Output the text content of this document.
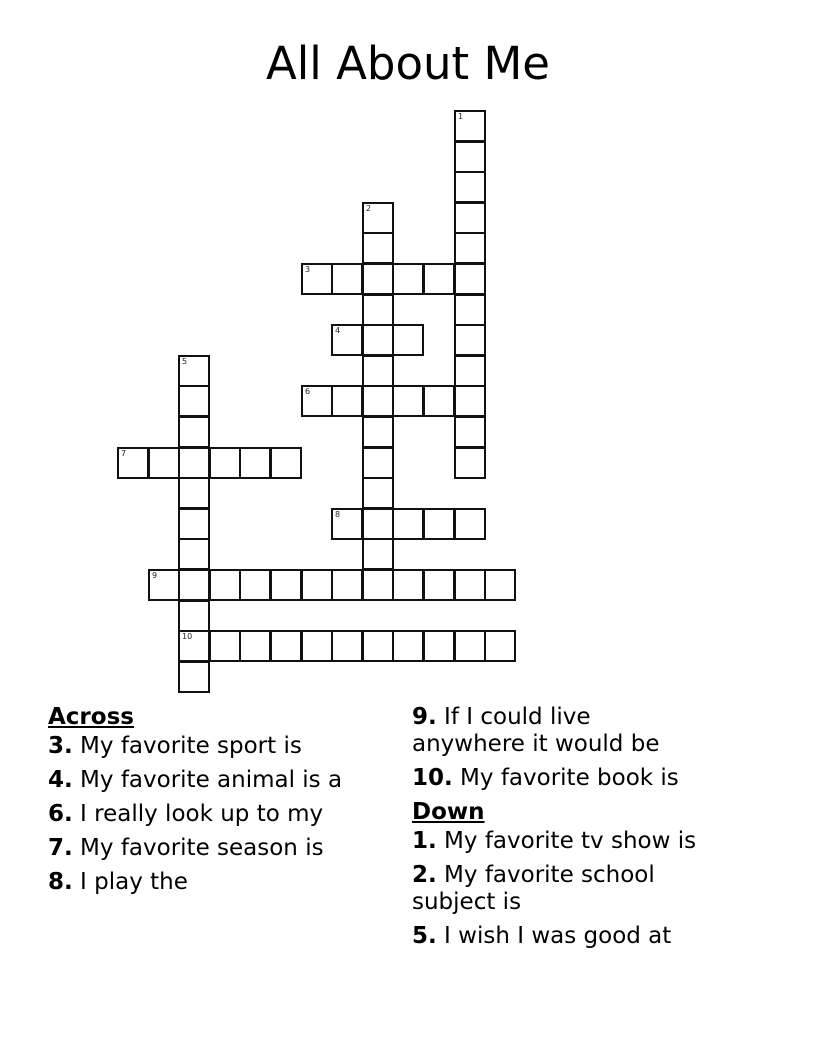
All About Me
1
2
3
4
5
10
6
7
8
9
Across
3. My favorite sport is
4. My favorite animal is a
6. I really look up to my
7. My favorite season is
8. I play the
9. If I could live anywhere it would be
10. My favorite book is
Down
1. My favorite tv show is
2. My favorite school subject is
5. I wish I was good at
